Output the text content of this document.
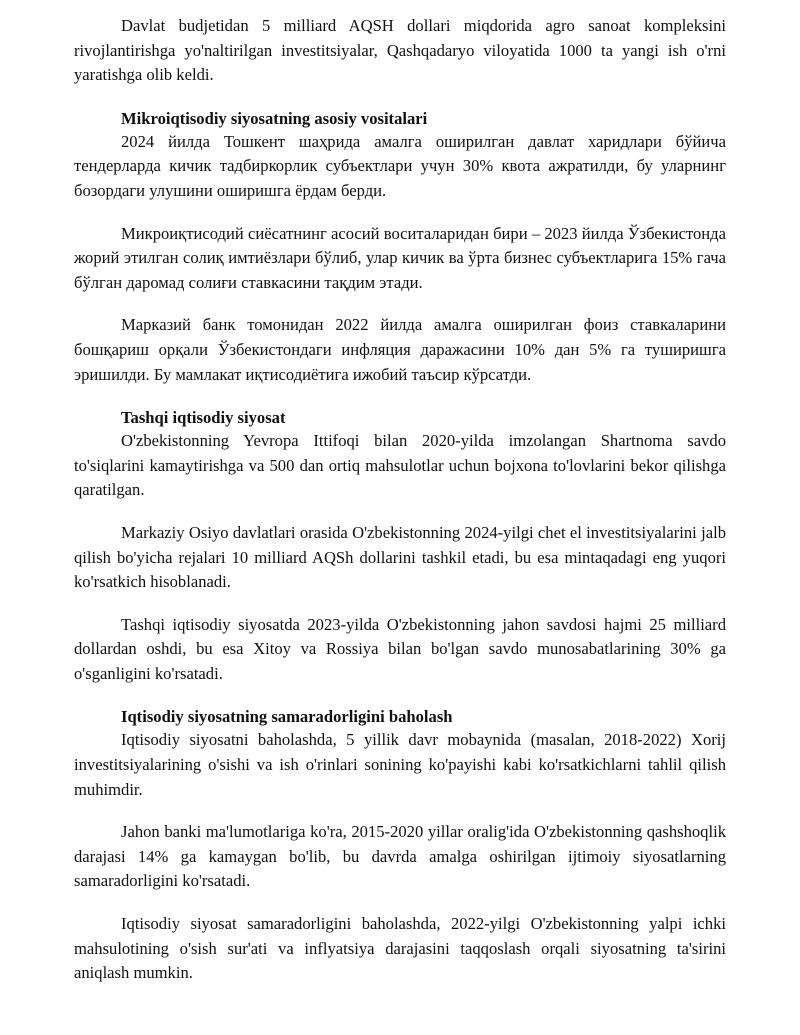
Davlat budjetidan 5 milliard AQSH dollari miqdorida agro sanoat kompleksini rivojlantirishga yo'naltirilgan investitsiyalar, Qashqadaryo viloyatida 1000 ta yangi ish o'rni yaratishga olib keldi.

Mikroiqtisodiy siyosatning asosiy vositalari

2024 йилда Тошкент шаҳрида амалга оширилган давлат харидлари бўйича тендерларда кичик тадбиркорлик субъектлари учун 30% квота ажратилди, бу уларнинг бозордаги улушини оширишга ёрдам берди.

Микроиқтисодий сиёсатнинг асосий воситаларидан бири – 2023 йилда Ўзбекистонда жорий этилган солиқ имтиёзлари бўлиб, улар кичик ва ўрта бизнес субъектларига 15% гача бўлган даромад солиғи ставкасини тақдим этади.

Марказий банк томонидан 2022 йилда амалга оширилган фоиз ставкаларини бошқариш орқали Ўзбекистондаги инфляция даражасини 10% дан 5% га туширишга эришилди. Бу мамлакат иқтисодиётига ижобий таъсир кўрсатди.

Tashqi iqtisodiy siyosat

O'zbekistonning Yevropa Ittifoqi bilan 2020-yilda imzolangan Shartnoma savdo to'siqlarini kamaytirishga va 500 dan ortiq mahsulotlar uchun bojxona to'lovlarini bekor qilishga qaratilgan.

Markaziy Osiyo davlatlari orasida O'zbekistonning 2024-yilgi chet el investitsiyalarini jalb qilish bo'yicha rejalari 10 milliard AQSh dollarini tashkil etadi, bu esa mintaqadagi eng yuqori ko'rsatkich hisoblanadi.

Tashqi iqtisodiy siyosatda 2023-yilda O'zbekistonning jahon savdosi hajmi 25 milliard dollardan oshdi, bu esa Xitoy va Rossiya bilan bo'lgan savdo munosabatlarining 30% ga o'sganligini ko'rsatadi.

Iqtisodiy siyosatning samaradorligini baholash

Iqtisodiy siyosatni baholashda, 5 yillik davr mobaynida (masalan, 2018-2022) Xorij investitsiyalarining o'sishi va ish o'rinlari sonining ko'payishi kabi ko'rsatkichlarni tahlil qilish muhimdir.

Jahon banki ma'lumotlariga ko'ra, 2015-2020 yillar oralig'ida O'zbekistonning qashshoqlik darajasi 14% ga kamaygan bo'lib, bu davrda amalga oshirilgan ijtimoiy siyosatlarning samaradorligini ko'rsatadi.

Iqtisodiy siyosat samaradorligini baholashda, 2022-yilgi O'zbekistonning yalpi ichki mahsulotining o'sish sur'ati va inflyatsiya darajasini taqqoslash orqali siyosatning ta'sirini aniqlash mumkin.
